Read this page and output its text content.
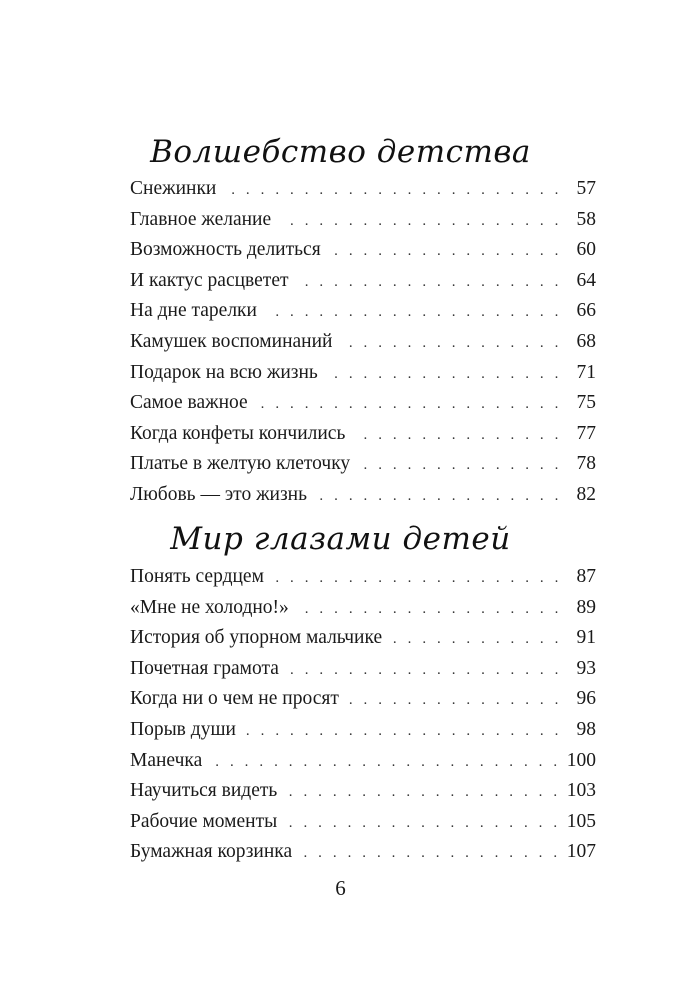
Волшебство детства
Снежинки . . .	57
Главное желание . . .	58
Возможность делиться . . .	60
И кактус расцветет . . .	64
На дне тарелки . . .	66
Камушек воспоминаний . . .	68
Подарок на всю жизнь . . .	71
Самое важное . . .	75
Когда конфеты кончились . . .	77
Платье в желтую клеточку . . .	78
Любовь — это жизнь . . .	82
Мир глазами детей
Понять сердцем . . .	87
«Мне не холодно!» . . .	89
История об упорном мальчике . . .	91
Почетная грамота . . .	93
Когда ни о чем не просят . . .	96
Порыв души . . .	98
Манечка . . .	100
Научиться видеть . . .	103
Рабочие моменты . . .	105
Бумажная корзинка . . .	107
6
